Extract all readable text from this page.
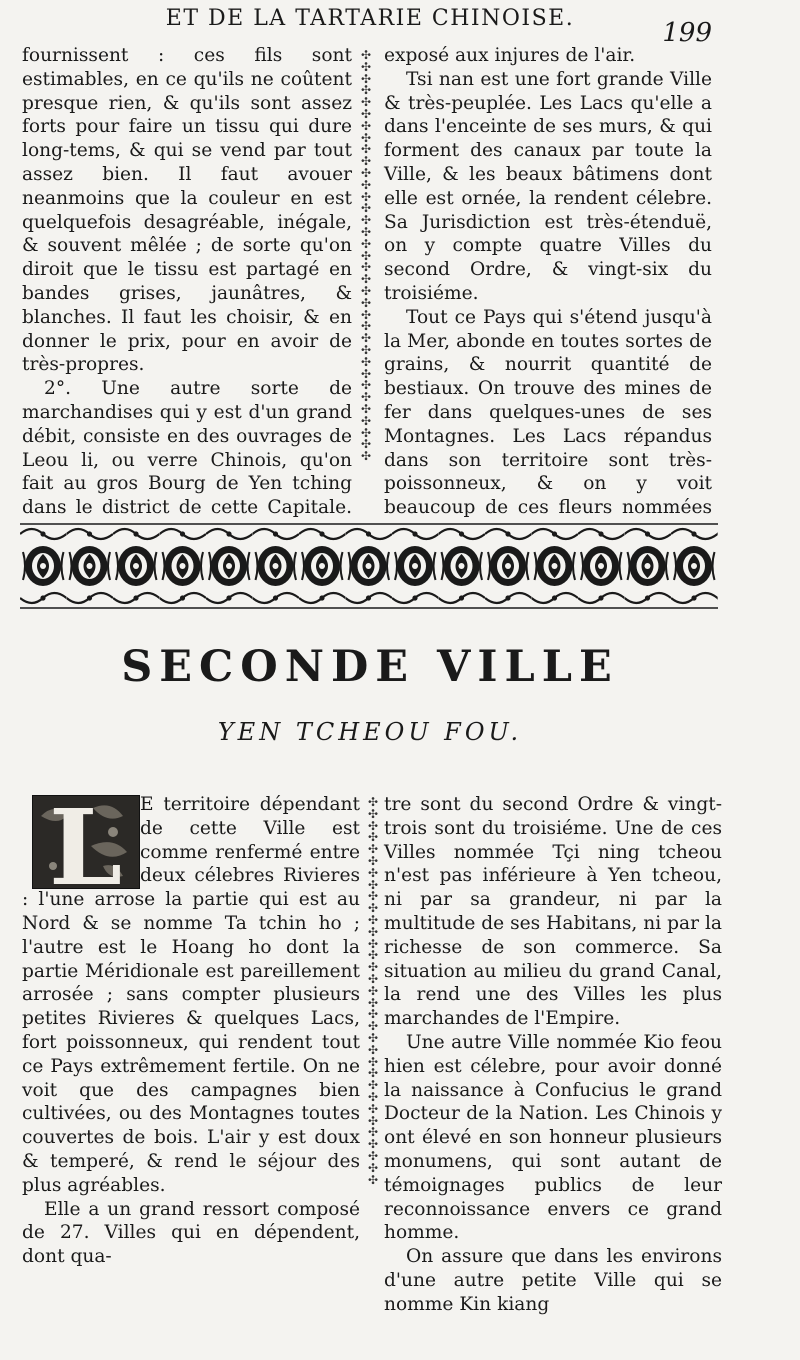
ET DE LA TARTARIE CHINOISE.	199

fournissent : ces fils sont estimables, en ce qu'ils ne coûtent presque rien, & qu'ils sont assez forts pour faire un tissu qui dure long-tems, & qui se vend par tout assez bien. Il faut avouer neanmoins que la couleur en est quelquefois desagréable, inégale, & souvent mêlée ; de sorte qu'on diroit que le tissu est partagé en bandes grises, jaunâtres, & blanches. Il faut les choisir, & en donner le prix, pour en avoir de très-propres.

2°. Une autre sorte de marchandises qui y est d'un grand débit, consiste en des ouvrages de Leou li, ou verre Chinois, qu'on fait au gros Bourg de Yen tching dans le district de cette Capitale.

✣
✣
✣
✣
✣
✣
✣
✣
✣
✣
✣
✣
✣
✣
✣
✣
✣
✣
✣
✣
✣
✣
✣
✣
✣
✣
✣
✣
✣
✣
✣
✣
✣
✣
✣

exposé aux injures de l'air.

Tsi nan est une fort grande Ville & très-peuplée. Les Lacs qu'elle a dans l'enceinte de ses murs, & qui forment des canaux par toute la Ville, & les beaux bâtimens dont elle est ornée, la rendent célebre. Sa Jurisdiction est très-étenduë, on y compte quatre Villes du second Ordre, & vingt-six du troisiéme.

Tout ce Pays qui s'étend jusqu'à la Mer, abonde en toutes sortes de grains, & nourrit quantité de bestiaux. On trouve des mines de fer dans quelques-unes de ses Montagnes. Les Lacs répandus dans son territoire sont très-poissonneux, & on y voit beaucoup de ces fleurs nommées

SECONDE VILLE
YEN TCHEOU FOU.
L E territoire dépendant de cette Ville est comme renfermé entre deux célebres Rivieres : l'une arrose la partie qui est au Nord & se nomme Ta tchin ho ; l'autre est le Hoang ho dont la partie Méridionale est pareillement arrosée ; sans compter plusieurs petites Rivieres & quelques Lacs, fort poissonneux, qui rendent tout ce Pays extrêmement fertile. On ne voit que des campagnes bien cultivées, ou des Montagnes toutes couvertes de bois. L'air y est doux & temperé, & rend le séjour des plus agréables.

Elle a un grand ressort composé de 27. Villes qui en dépendent, dont qua-

✣
✣
✣
✣
✣
✣
✣
✣
✣
✣
✣
✣
✣
✣
✣
✣
✣
✣
✣
✣
✣
✣
✣
✣
✣
✣
✣
✣
✣
✣
✣
✣
✣

tre sont du second Ordre & vingt-trois sont du troisiéme. Une de ces Villes nommée Tçi ning tcheou n'est pas inférieure à Yen tcheou, ni par sa grandeur, ni par la multitude de ses Habitans, ni par la richesse de son commerce. Sa situation au milieu du grand Canal, la rend une des Villes les plus marchandes de l'Empire.

Une autre Ville nommée Kio feou hien est célebre, pour avoir donné la naissance à Confucius le grand Docteur de la Nation. Les Chinois y ont élevé en son honneur plusieurs monumens, qui sont autant de témoignages publics de leur reconnoissance envers ce grand homme.

On assure que dans les environs d'une autre petite Ville qui se nomme Kin kiang
